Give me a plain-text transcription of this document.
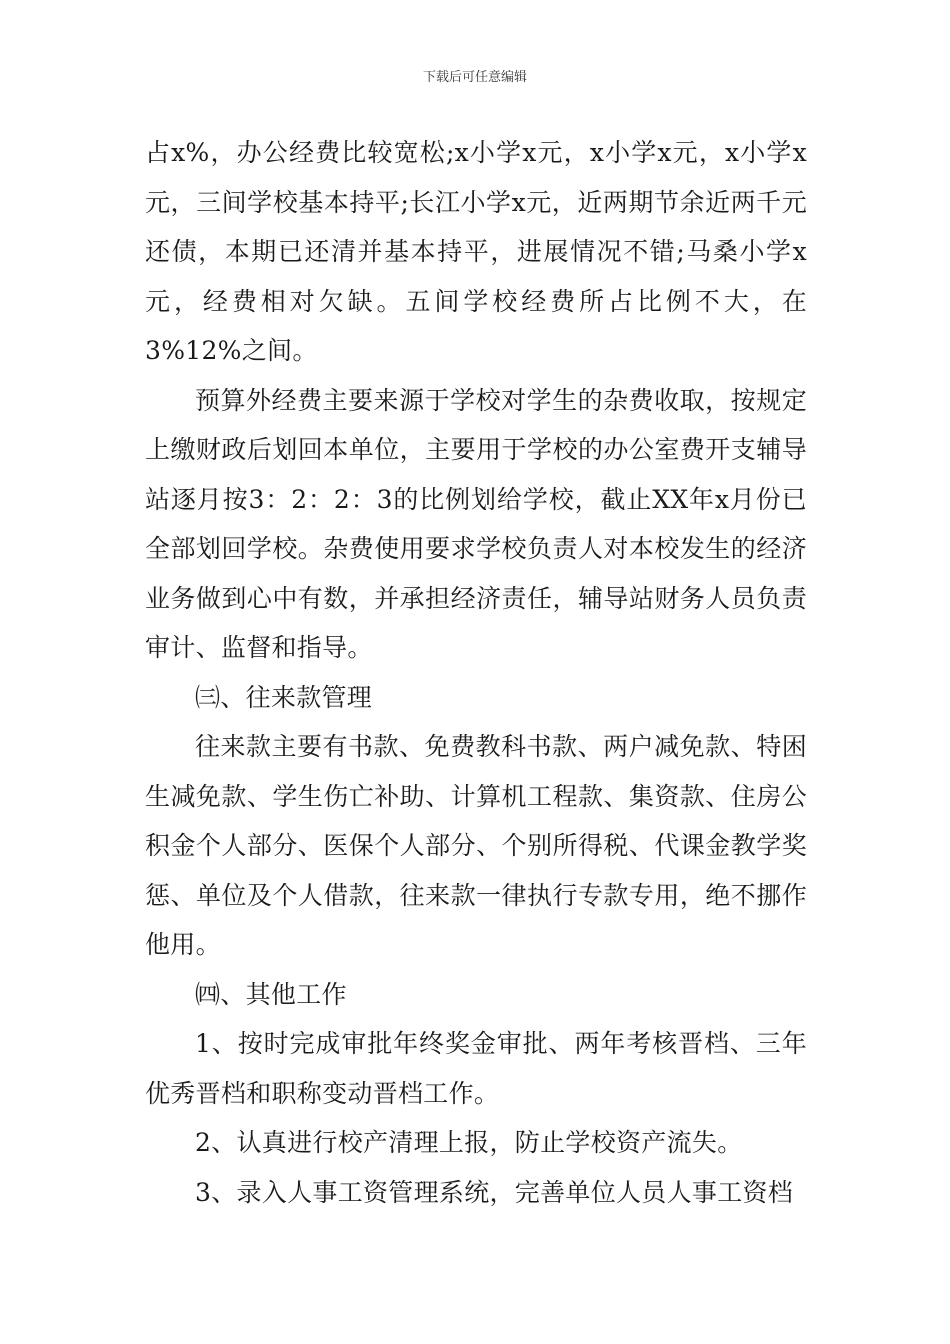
下载后可任意编辑

占x%，办公经费比较宽松;x小学x元，x小学x元，x小学x元，三间学校基本持平;长江小学x元，近两期节余近两千元还债，本期已还清并基本持平，进展情况不错;马桑小学x元，经费相对欠缺。五间学校经费所占比例不大，在3%12%之间。

预算外经费主要来源于学校对学生的杂费收取，按规定上缴财政后划回本单位，主要用于学校的办公室费开支辅导站逐月按3：2：2：3的比例划给学校，截止XX年x月份已全部划回学校。杂费使用要求学校负责人对本校发生的经济业务做到心中有数，并承担经济责任，辅导站财务人员负责审计、监督和指导。

㈢、往来款管理

往来款主要有书款、免费教科书款、两户减免款、特困生减免款、学生伤亡补助、计算机工程款、集资款、住房公积金个人部分、医保个人部分、个别所得税、代课金教学奖惩、单位及个人借款，往来款一律执行专款专用，绝不挪作他用。

㈣、其他工作

1、按时完成审批年终奖金审批、两年考核晋档、三年优秀晋档和职称变动晋档工作。

2、认真进行校产清理上报，防止学校资产流失。

3、录入人事工资管理系统，完善单位人员人事工资档
